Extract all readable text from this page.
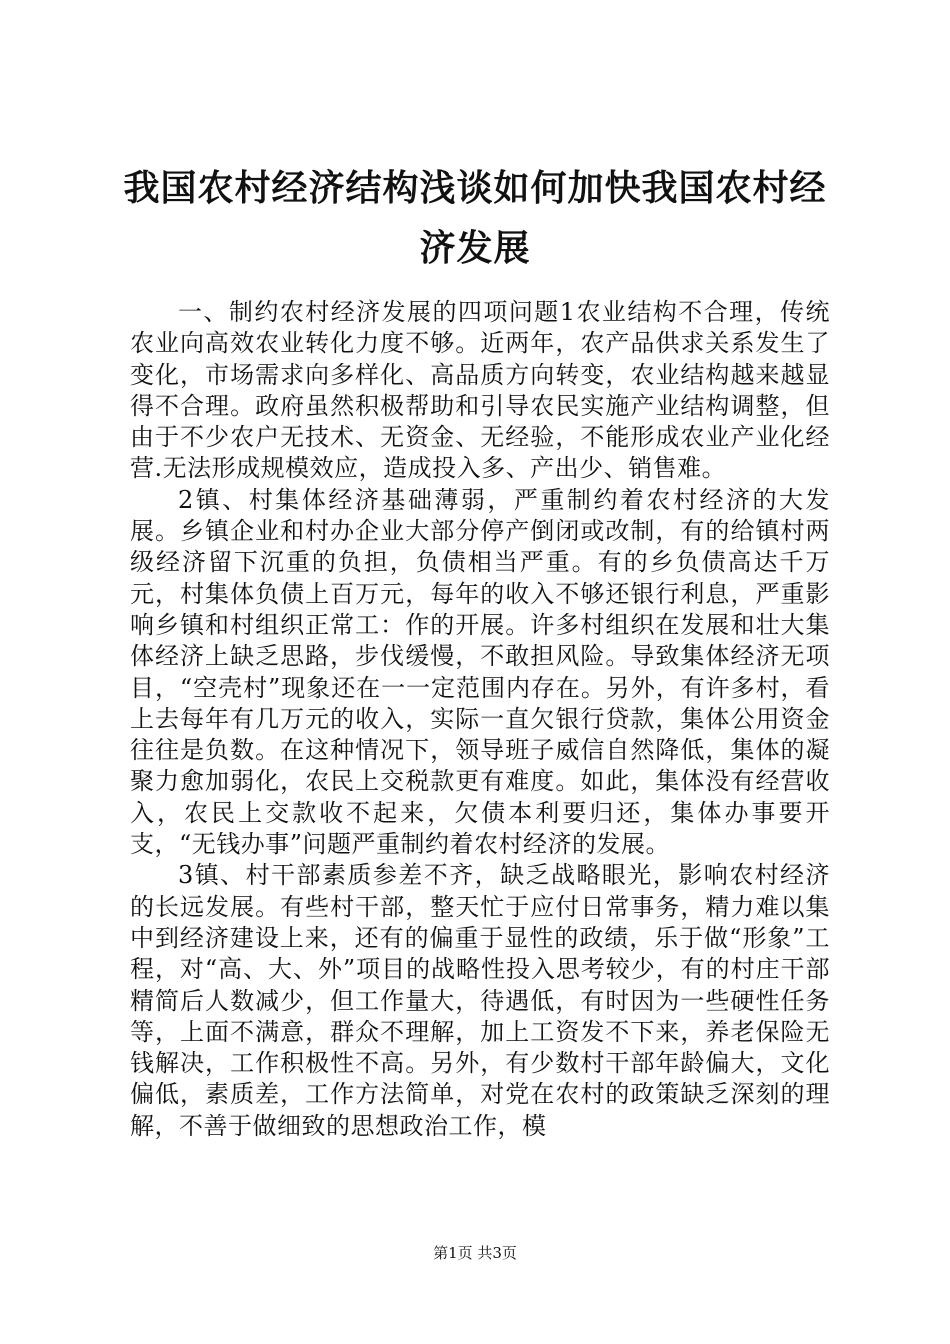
我国农村经济结构浅谈如何加快我国农村经济发展

一、制约农村经济发展的四项问题1农业结构不合理，传统农业向高效农业转化力度不够。近两年，农产品供求关系发生了变化，市场需求向多样化、高品质方向转变，农业结构越来越显得不合理。政府虽然积极帮助和引导农民实施产业结构调整，但由于不少农户无技术、无资金、无经验，不能形成农业产业化经营.无法形成规模效应，造成投入多、产出少、销售难。

2镇、村集体经济基础薄弱，严重制约着农村经济的大发展。乡镇企业和村办企业大部分停产倒闭或改制，有的给镇村两级经济留下沉重的负担，负债相当严重。有的乡负债高达千万元，村集体负债上百万元，每年的收入不够还银行利息，严重影响乡镇和村组织正常工：作的开展。许多村组织在发展和壮大集体经济上缺乏思路，步伐缓慢，不敢担风险。导致集体经济无项目，“空壳村”现象还在一一定范围内存在。另外，有许多村，看上去每年有几万元的收入，实际一直欠银行贷款，集体公用资金往往是负数。在这种情况下，领导班子威信自然降低，集体的凝聚力愈加弱化，农民上交税款更有难度。如此，集体没有经营收入，农民上交款收不起来，欠债本利要归还，集体办事要开支，“无钱办事”问题严重制约着农村经济的发展。

3镇、村干部素质参差不齐，缺乏战略眼光，影响农村经济的长远发展。有些村干部，整天忙于应付日常事务，精力难以集中到经济建设上来，还有的偏重于显性的政绩，乐于做“形象”工程，对“高、大、外”项目的战略性投入思考较少，有的村庄干部精简后人数减少，但工作量大，待遇低，有时因为一些硬性任务等，上面不满意，群众不理解，加上工资发不下来，养老保险无钱解决，工作积极性不高。另外，有少数村干部年龄偏大，文化偏低，素质差，工作方法简单，对党在农村的政策缺乏深刻的理解，不善于做细致的思想政治工作，模

第1页 共3页
